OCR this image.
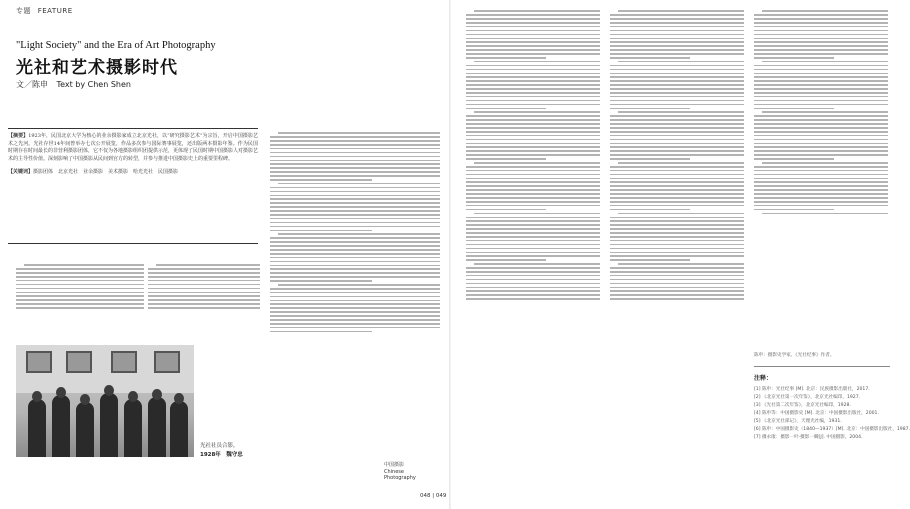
专题 FEATURE
"Light Society" and the Era of Art Photography
光社和艺术摄影时代
文／陈申 Text by Chen Shen

【摘要】1923年，民国北京大学为核心的业余摄影家成立北京光社，以“研究摄影艺术”为宗旨，开启中国摄影艺术之先河。光社存世14年间曾举办七次公开展览，作品多次参与国际赛事展览，还出版两本摄影年鉴。作为民国时期存在时间最长的非营利摄影团体，它不仅为各地摄影组织团提供示范，更体现了民国时期中国摄影人对摄影艺术的主导性价值。深刻影响了中国摄影从民间到官方的转型，并参与推进中国摄影史上的重要里程碑。

【关键词】摄影团体　北京光社　业余摄影　美术摄影　哈光光社　民国摄影

光社社员合影，
1928年　魏守忠
中国摄影
Chinese Photography
陈申：摄影史学家、《光社纪事》作者。
注释：
[1] 陈申：光社纪事 [M]. 北京：民族摄影出版社，2017.
[2] 《北京光社第一次年鉴》，北京光社编印，1927.
[3] 《光社第二次年鉴》，北京光社编印，1928.
[4] 陈申等：中国摄影史 [M]. 北京：中国摄影出版社，2001.
[5] 《北京光社部记》，天理光社编，1931.
[6] 陈申：中国摄影史（1840—1937）[M]. 北京：中国摄影出版社，1987.
[7] 摄永康：摄影一叶·摄影一瞬[J]. 中国摄影，2004.
048 | 049
